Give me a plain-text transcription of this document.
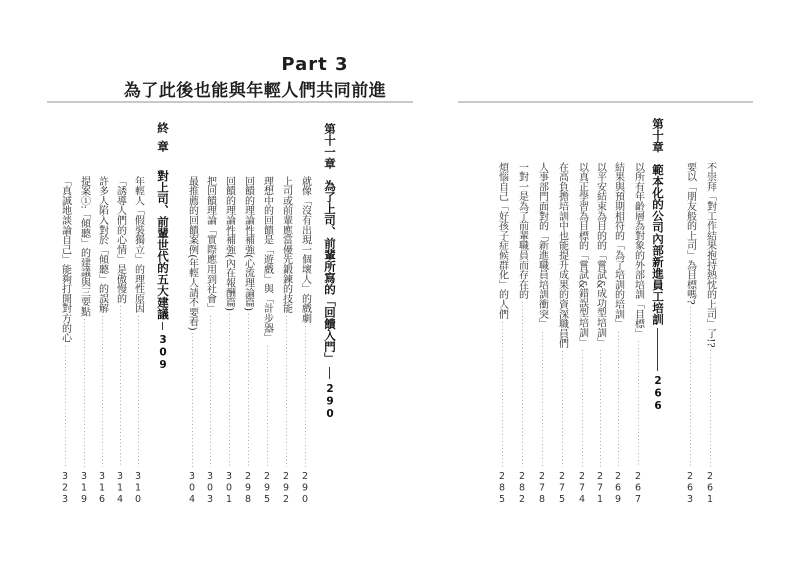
不崇拜「對工作結果抱持熱忱的上司」了!?
261
要以「朋友般的上司」為目標嗎?
263
第十章
範本化的公司內部新進員工培訓
266
以所有年齡層為對象的外部培訓「目標」
267
結果與預期相符的「為了培訓的培訓」
269
以平安結束為目的的「嘗試&成功型培訓」
271
以真正學習為目標的「嘗試&錯誤型培訓」
274
在高負擔培訓中也能提升成果的資深職員們
275
人事部門面對的「新進職員培訓衝突」
278
一對一是為了前輩職員而存在的
282
煩惱自己「好孩子症候群化」的人們
285
Part 3
為了此後也能與年輕人們共同前進
第十一章
為了上司、前輩所寫的「回饋入門」
290
就像「沒有出現一個壞人」的戲劇
290
上司或前輩應當優先鍛鍊的技能
292
理想中的回饋是「遊戲」與「計步器」
295
回饋的理論性補強(心流理論篇)
298
回饋的理論性補強(內在報酬篇)
301
把回饋理論「實際應用到社會」
303
最推薦的回饋案例(年輕人請不要看)
304
終章
對上司、前輩世代的五大建議
309
年輕人「假裝獨立」的理性原因
310
「誘導人們的心情」是傲慢的
314
許多人陷入對於「傾聽」的誤解
316
提案①:「傾聽」的建議與三要點
319
「真誠地談論自己」能夠打開對方的心
323
